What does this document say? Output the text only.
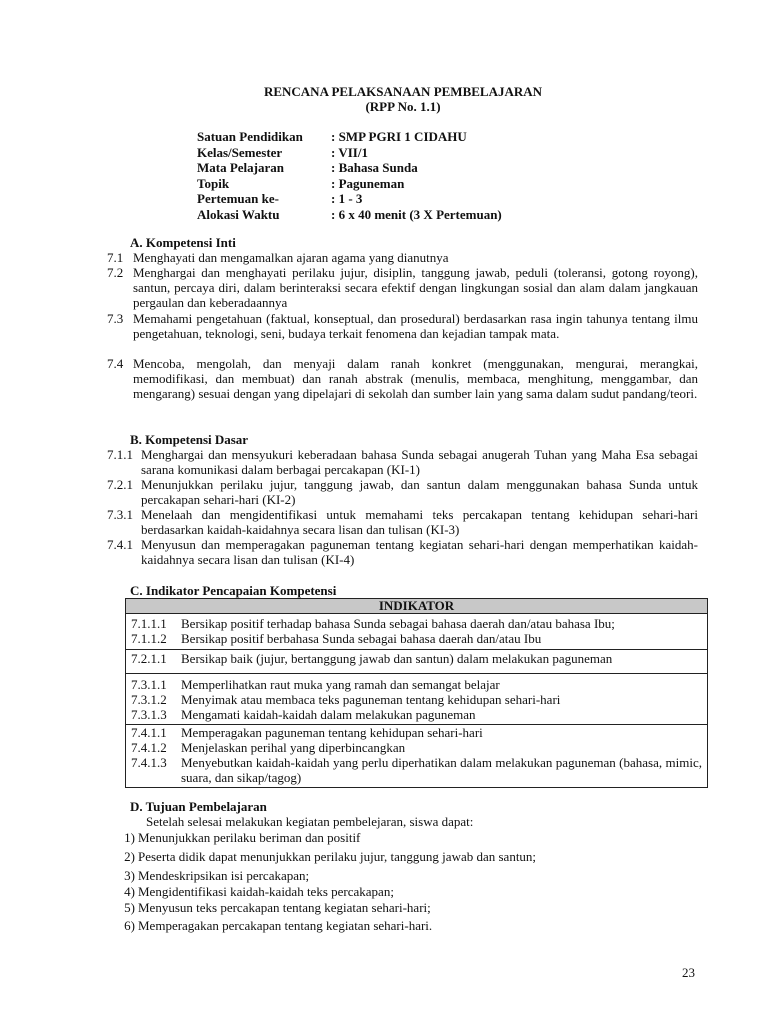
RENCANA PELAKSANAAN PEMBELAJARAN
(RPP No. 1.1)
Satuan Pendidikan	: SMP PGRI 1 CIDAHU
Kelas/Semester	: VII/1
Mata Pelajaran	: Bahasa Sunda
Topik	: Paguneman
Pertemuan ke-	: 1 - 3
Alokasi Waktu	: 6 x 40 menit (3 X Pertemuan)
A. Kompetensi Inti
7.1 Menghayati dan mengamalkan ajaran agama yang dianutnya
7.2 Menghargai dan menghayati perilaku jujur, disiplin, tanggung jawab, peduli (toleransi, gotong royong), santun, percaya diri, dalam berinteraksi secara efektif dengan lingkungan sosial dan alam dalam jangkauan pergaulan dan keberadaannya
7.3 Memahami pengetahuan (faktual, konseptual, dan prosedural) berdasarkan rasa ingin tahunya tentang ilmu pengetahuan, teknologi, seni, budaya terkait fenomena dan kejadian tampak mata.
7.4 Mencoba, mengolah, dan menyaji dalam ranah konkret (menggunakan, mengurai, merangkai, memodifikasi, dan membuat) dan ranah abstrak (menulis, membaca, menghitung, menggambar, dan mengarang) sesuai dengan yang dipelajari di sekolah dan sumber lain yang sama dalam sudut pandang/teori.
B. Kompetensi Dasar
7.1.1 Menghargai dan mensyukuri keberadaan bahasa Sunda sebagai anugerah Tuhan yang Maha Esa sebagai sarana komunikasi dalam berbagai percakapan (KI-1)
7.2.1 Menunjukkan perilaku jujur, tanggung jawab, dan santun dalam menggunakan bahasa Sunda untuk percakapan sehari-hari (KI-2)
7.3.1 Menelaah dan mengidentifikasi untuk memahami teks percakapan tentang kehidupan sehari-hari berdasarkan kaidah-kaidahnya secara lisan dan tulisan (KI-3)
7.4.1 Menyusun dan memperagakan paguneman tentang kegiatan sehari-hari dengan memperhatikan kaidah-kaidahnya secara lisan dan tulisan (KI-4)
C. Indikator Pencapaian Kompetensi
INDIKATOR

7.1.1.1	Bersikap positif terhadap bahasa Sunda sebagai bahasa daerah dan/atau bahasa Ibu;
7.1.1.2	Bersikap positif berbahasa Sunda sebagai bahasa daerah dan/atau Ibu

7.2.1.1	Bersikap baik (jujur, bertanggung jawab dan santun) dalam melakukan paguneman

7.3.1.1	Memperlihatkan raut muka yang ramah dan semangat belajar
7.3.1.2	Menyimak atau membaca teks paguneman tentang kehidupan sehari-hari
7.3.1.3	Mengamati kaidah-kaidah dalam melakukan paguneman

7.4.1.1	Memperagakan paguneman tentang kehidupan sehari-hari
7.4.1.2	Menjelaskan perihal yang diperbincangkan
7.4.1.3	Menyebutkan kaidah-kaidah yang perlu diperhatikan dalam melakukan paguneman (bahasa, mimic, suara, dan sikap/tagog)
D. Tujuan Pembelajaran
Setelah selesai melakukan kegiatan pembelejaran, siswa dapat:
1) Menunjukkan perilaku beriman dan positif
2) Peserta didik dapat menunjukkan perilaku jujur, tanggung jawab dan santun;
3) Mendeskripsikan isi percakapan;
4) Mengidentifikasi kaidah-kaidah teks percakapan;
5) Menyusun teks percakapan tentang kegiatan sehari-hari;
6) Memperagakan percakapan tentang kegiatan sehari-hari.
23
